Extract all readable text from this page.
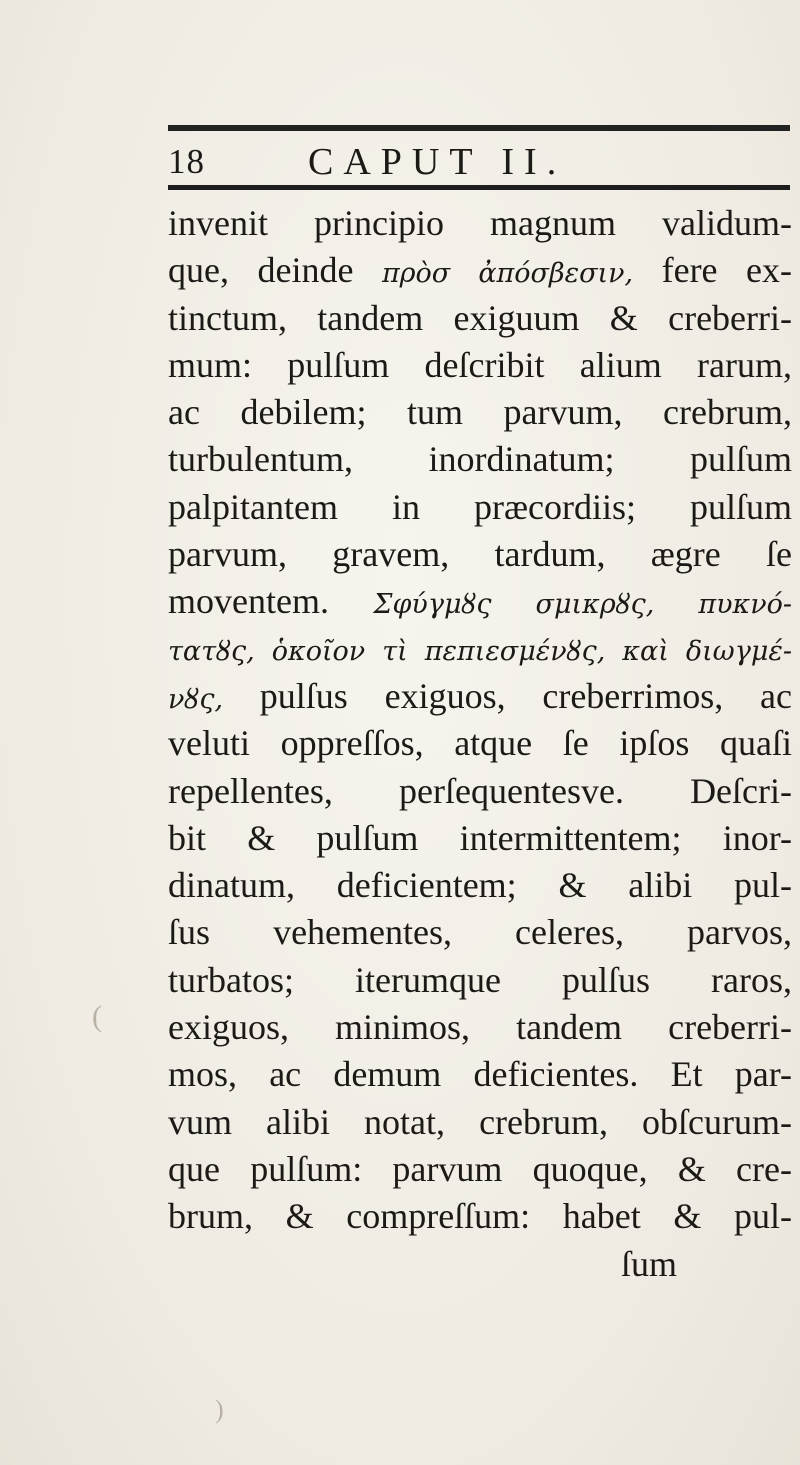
18	CAPUT II.
invenit principio magnum validum-
que, deinde πρὸσ ἀπόσβεσιν, fere ex-
tinctum, tandem exiguum & creberri-
mum: pulſum deſcribit alium rarum,
ac debilem; tum parvum, crebrum,
turbulentum, inordinatum; pulſum
palpitantem in præcordiis; pulſum
parvum, gravem, tardum, ægre ſe
moventem. Σφύγμȣς σμικρȣς, πυκνό-
τατȣς, ὁκοῖον τὶ πεπιεσμένȣς, καὶ διωγμέ-
νȣς, pulſus exiguos, creberrimos, ac
veluti oppreſſos, atque ſe ipſos quaſi
repellentes, perſequentesve. Deſcri-
bit & pulſum intermittentem; inor-
dinatum, deficientem; & alibi pul-
ſus vehementes, celeres, parvos,
turbatos; iterumque pulſus raros,
exiguos, minimos, tandem creberri-
mos, ac demum deficientes. Et par-
vum alibi notat, crebrum, obſcurum-
que pulſum: parvum quoque, & cre-
brum, & compreſſum: habet & pul-
ſum
(
)
